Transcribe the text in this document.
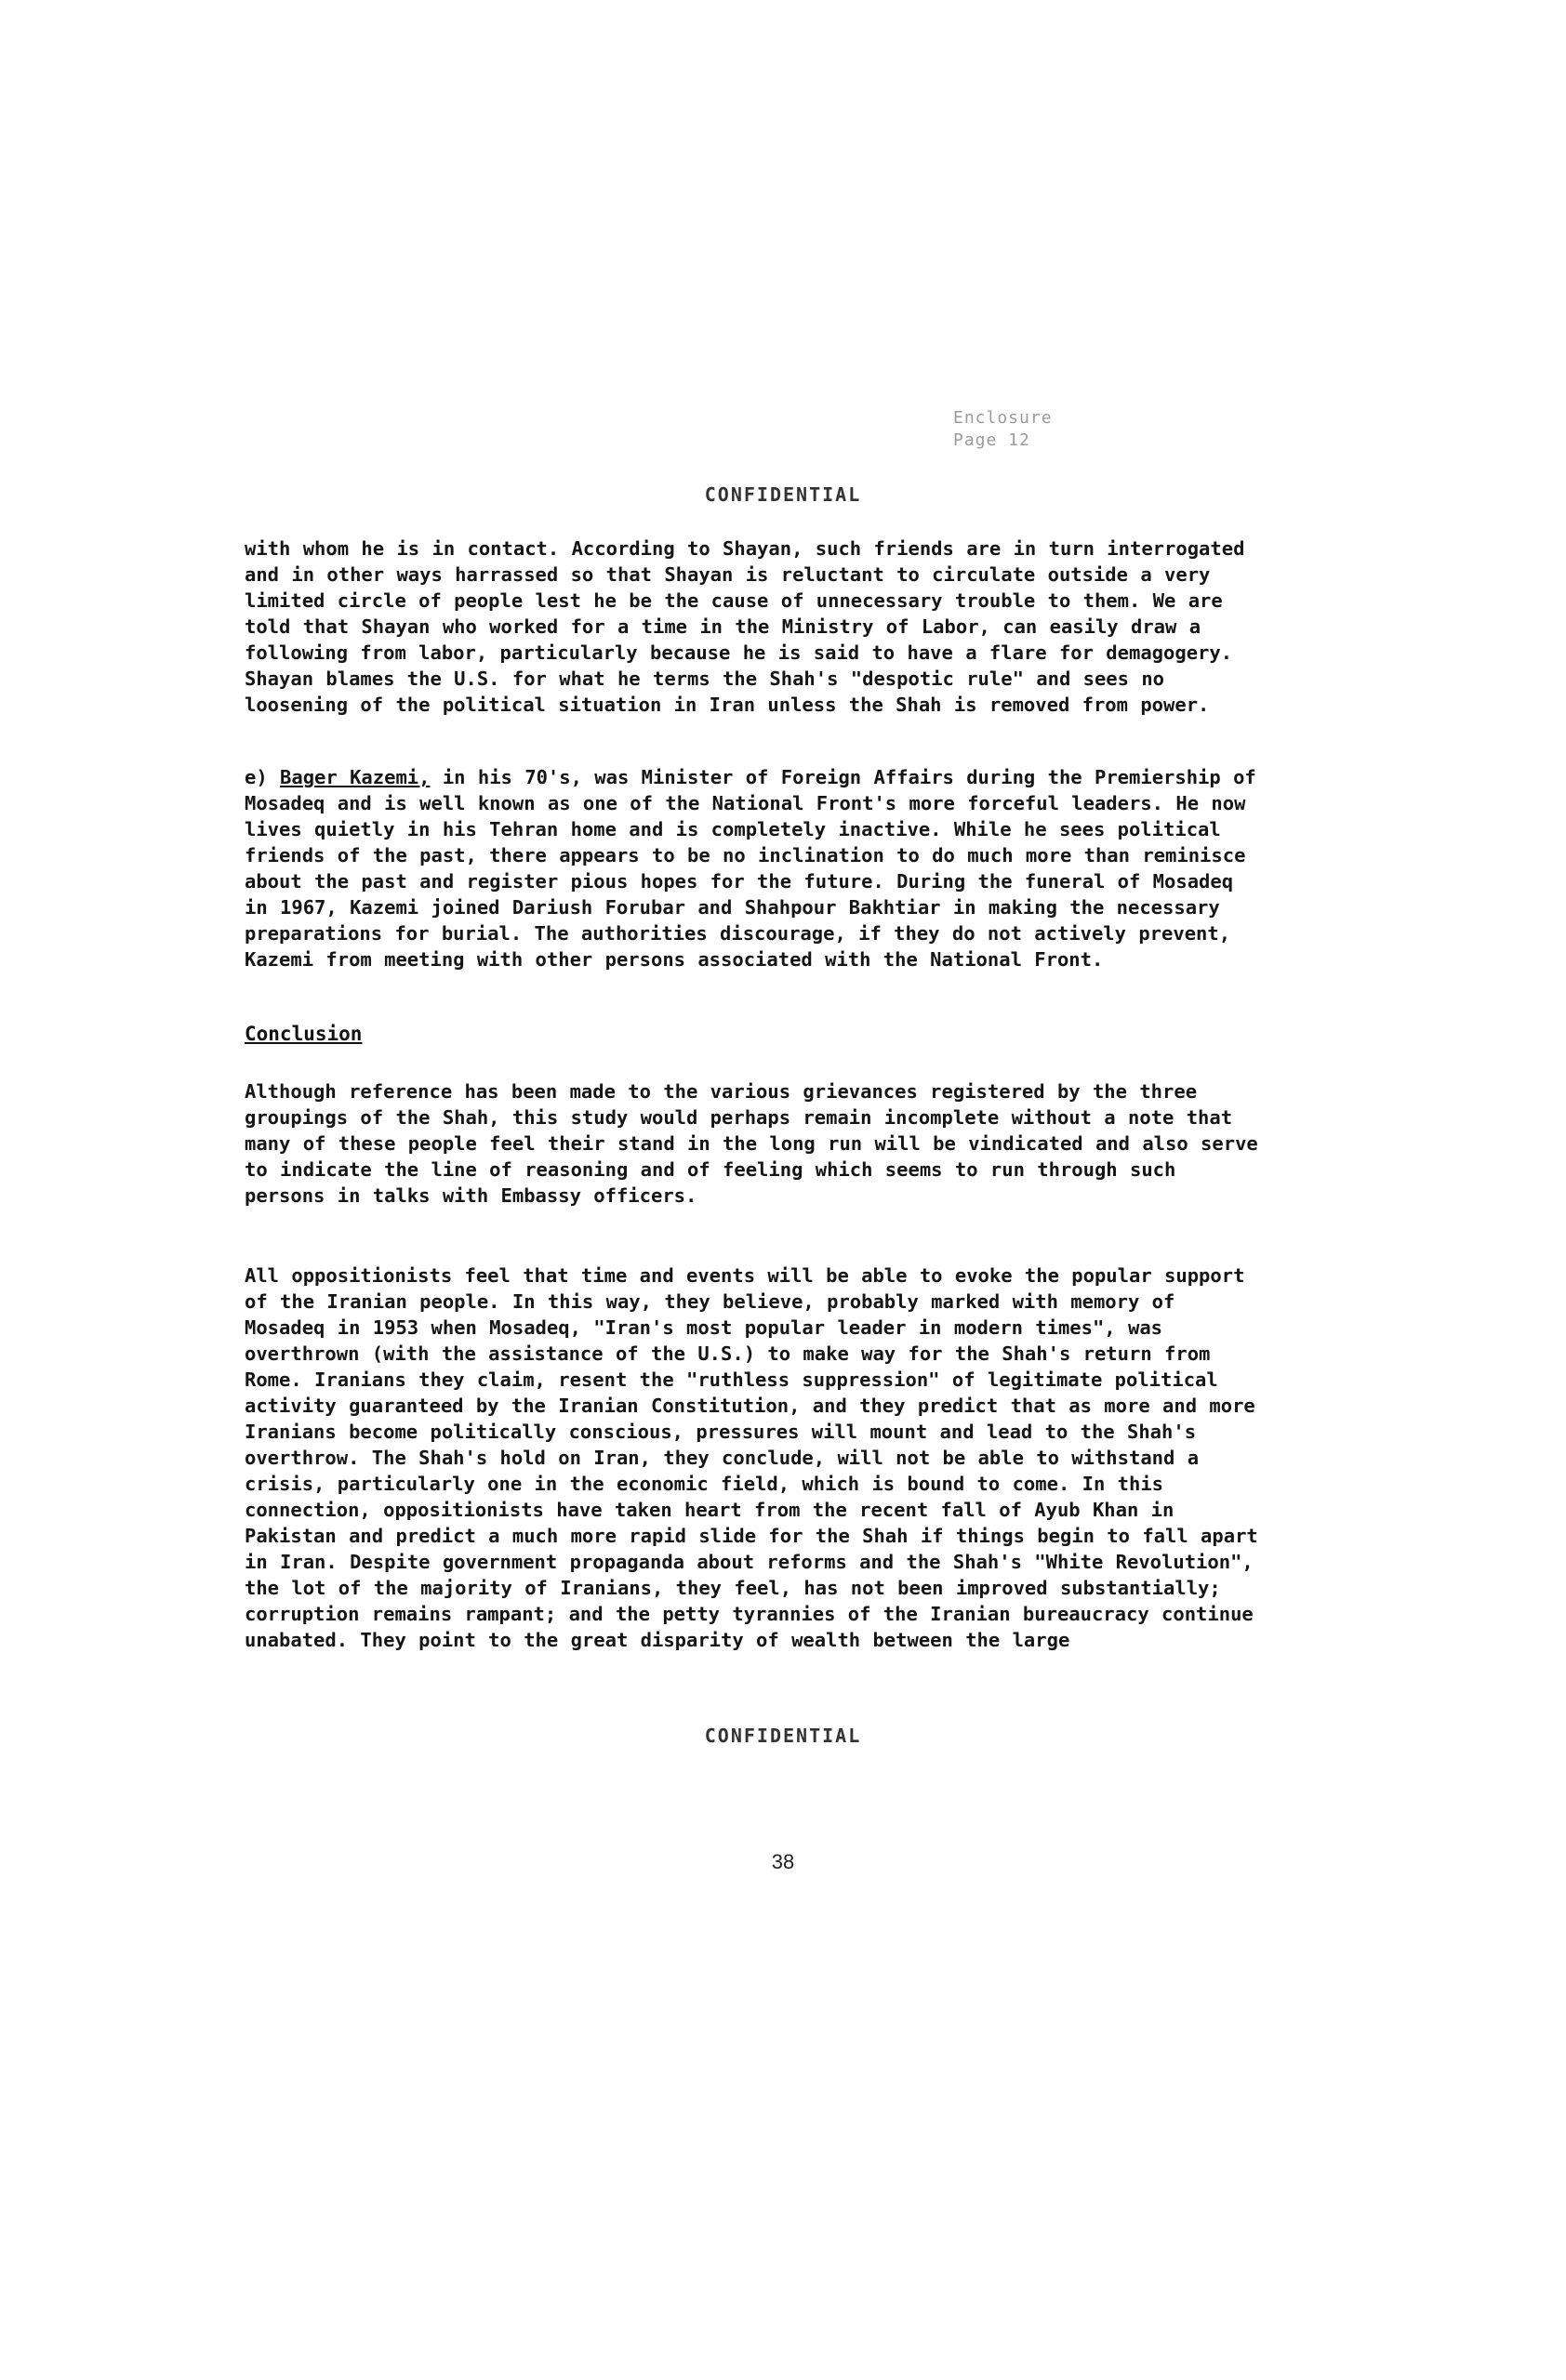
Enclosure
Page 12
CONFIDENTIAL
with whom he is in contact. According to Shayan, such friends are in turn interrogated and in other ways harrassed so that Shayan is reluctant to circulate outside a very limited circle of people lest he be the cause of unnecessary trouble to them. We are told that Shayan who worked for a time in the Ministry of Labor, can easily draw a following from labor, particularly because he is said to have a flare for demagogery. Shayan blames the U.S. for what he terms the Shah's "despotic rule" and sees no loosening of the political situation in Iran unless the Shah is removed from power.
e) Bager Kazemi, in his 70's, was Minister of Foreign Affairs during the Premiership of Mosadeq and is well known as one of the National Front's more forceful leaders. He now lives quietly in his Tehran home and is completely inactive. While he sees political friends of the past, there appears to be no inclination to do much more than reminisce about the past and register pious hopes for the future. During the funeral of Mosadeq in 1967, Kazemi joined Dariush Forubar and Shahpour Bakhtiar in making the necessary preparations for burial. The authorities discourage, if they do not actively prevent, Kazemi from meeting with other persons associated with the National Front.
Conclusion
Although reference has been made to the various grievances registered by the three groupings of the Shah, this study would perhaps remain incomplete without a note that many of these people feel their stand in the long run will be vindicated and also serve to indicate the line of reasoning and of feeling which seems to run through such persons in talks with Embassy officers.
All oppositionists feel that time and events will be able to evoke the popular support of the Iranian people. In this way, they believe, probably marked with memory of Mosadeq in 1953 when Mosadeq, "Iran's most popular leader in modern times", was overthrown (with the assistance of the U.S.) to make way for the Shah's return from Rome. Iranians they claim, resent the "ruthless suppression" of legitimate political activity guaranteed by the Iranian Constitution, and they predict that as more and more Iranians become politically conscious, pressures will mount and lead to the Shah's overthrow. The Shah's hold on Iran, they conclude, will not be able to withstand a crisis, particularly one in the economic field, which is bound to come. In this connection, oppositionists have taken heart from the recent fall of Ayub Khan in Pakistan and predict a much more rapid slide for the Shah if things begin to fall apart in Iran. Despite government propaganda about reforms and the Shah's "White Revolution", the lot of the majority of Iranians, they feel, has not been improved substantially; corruption remains rampant; and the petty tyrannies of the Iranian bureaucracy continue unabated. They point to the great disparity of wealth between the large
CONFIDENTIAL
38
